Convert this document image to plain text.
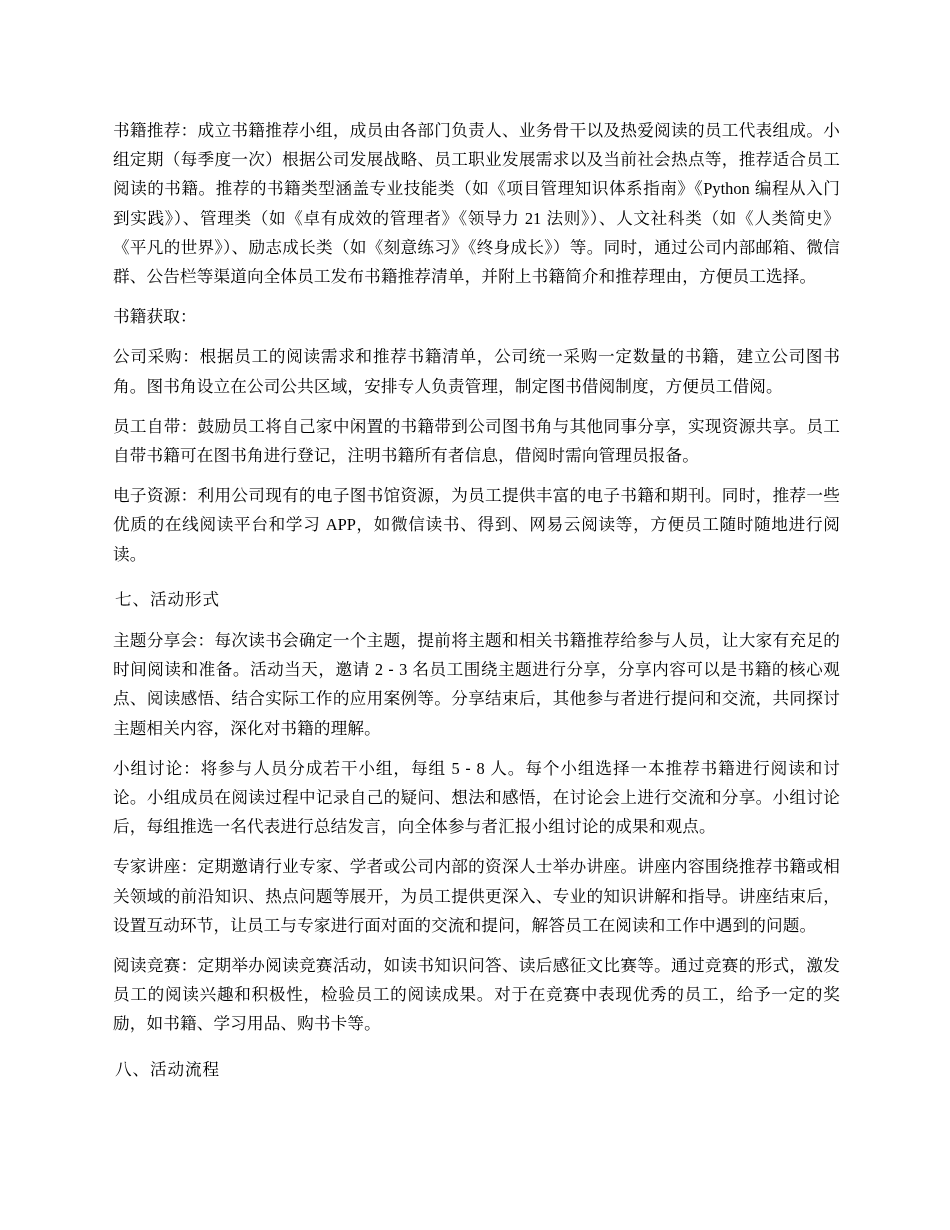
书籍推荐：成立书籍推荐小组，成员由各部门负责人、业务骨干以及热爱阅读的员工代表组成。小组定期（每季度一次）根据公司发展战略、员工职业发展需求以及当前社会热点等，推荐适合员工阅读的书籍。推荐的书籍类型涵盖专业技能类（如《项目管理知识体系指南》《Python 编程从入门到实践》）、管理类（如《卓有成效的管理者》《领导力 21 法则》）、人文社科类（如《人类简史》《平凡的世界》）、励志成长类（如《刻意练习》《终身成长》）等。同时，通过公司内部邮箱、微信群、公告栏等渠道向全体员工发布书籍推荐清单，并附上书籍简介和推荐理由，方便员工选择。

书籍获取：

公司采购：根据员工的阅读需求和推荐书籍清单，公司统一采购一定数量的书籍，建立公司图书角。图书角设立在公司公共区域，安排专人负责管理，制定图书借阅制度，方便员工借阅。

员工自带：鼓励员工将自己家中闲置的书籍带到公司图书角与其他同事分享，实现资源共享。员工自带书籍可在图书角进行登记，注明书籍所有者信息，借阅时需向管理员报备。

电子资源：利用公司现有的电子图书馆资源，为员工提供丰富的电子书籍和期刊。同时，推荐一些优质的在线阅读平台和学习 APP，如微信读书、得到、网易云阅读等，方便员工随时随地进行阅读。

七、活动形式

主题分享会：每次读书会确定一个主题，提前将主题和相关书籍推荐给参与人员，让大家有充足的时间阅读和准备。活动当天，邀请 2 - 3 名员工围绕主题进行分享，分享内容可以是书籍的核心观点、阅读感悟、结合实际工作的应用案例等。分享结束后，其他参与者进行提问和交流，共同探讨主题相关内容，深化对书籍的理解。

小组讨论：将参与人员分成若干小组，每组 5 - 8 人。每个小组选择一本推荐书籍进行阅读和讨论。小组成员在阅读过程中记录自己的疑问、想法和感悟，在讨论会上进行交流和分享。小组讨论后，每组推选一名代表进行总结发言，向全体参与者汇报小组讨论的成果和观点。

专家讲座：定期邀请行业专家、学者或公司内部的资深人士举办讲座。讲座内容围绕推荐书籍或相关领域的前沿知识、热点问题等展开，为员工提供更深入、专业的知识讲解和指导。讲座结束后，设置互动环节，让员工与专家进行面对面的交流和提问，解答员工在阅读和工作中遇到的问题。

阅读竞赛：定期举办阅读竞赛活动，如读书知识问答、读后感征文比赛等。通过竞赛的形式，激发员工的阅读兴趣和积极性，检验员工的阅读成果。对于在竞赛中表现优秀的员工，给予一定的奖励，如书籍、学习用品、购书卡等。

八、活动流程
